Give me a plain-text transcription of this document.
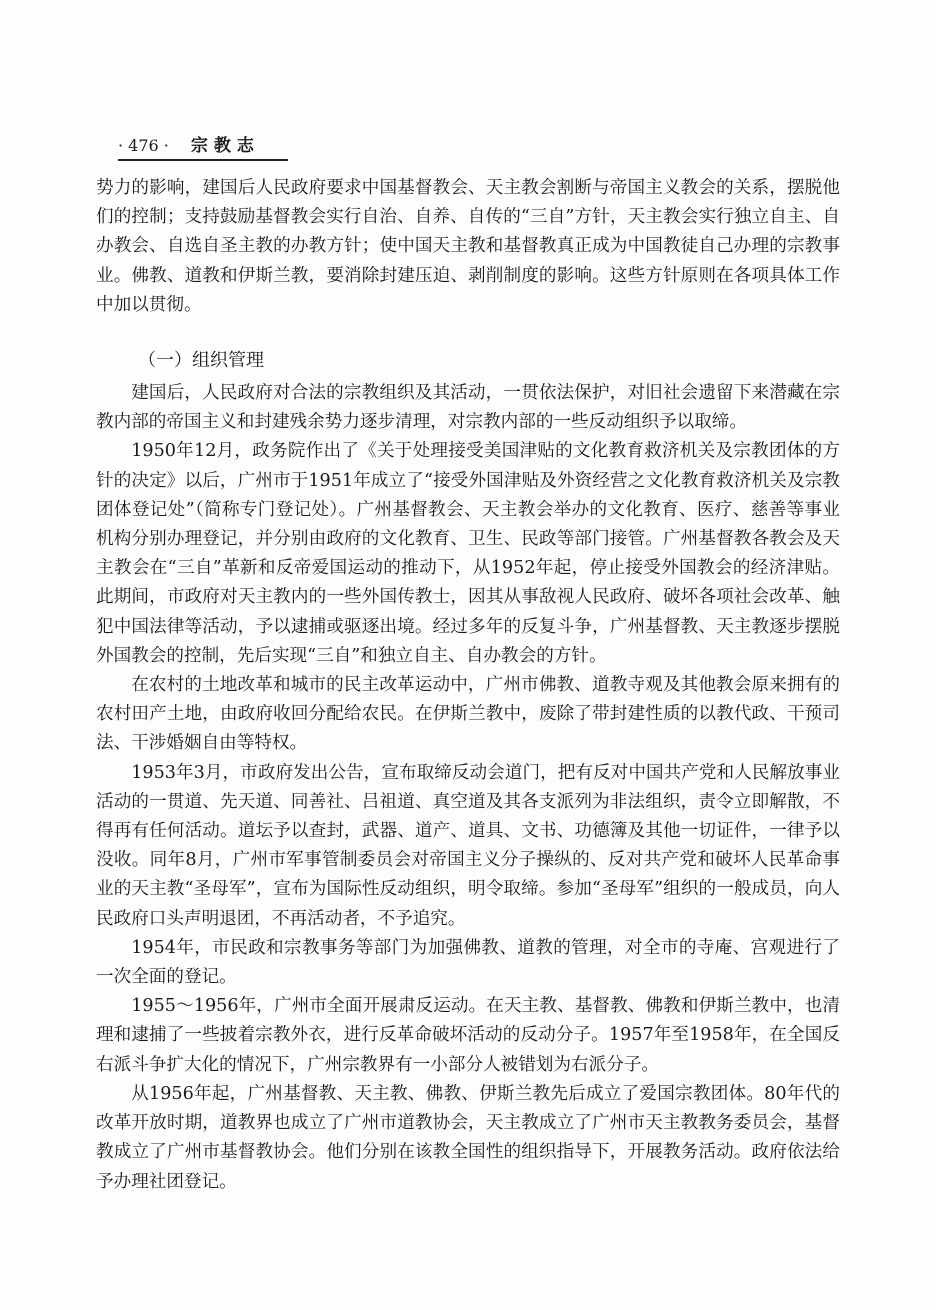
· 476 · 宗教志

势力的影响，建国后人民政府要求中国基督教会、天主教会割断与帝国主义教会的关系，摆脱他们的控制；支持鼓励基督教会实行自治、自养、自传的“三自”方针，天主教会实行独立自主、自办教会、自选自圣主教的办教方针；使中国天主教和基督教真正成为中国教徒自己办理的宗教事业。佛教、道教和伊斯兰教，要消除封建压迫、剥削制度的影响。这些方针原则在各项具体工作中加以贯彻。

（一）组织管理

建国后，人民政府对合法的宗教组织及其活动，一贯依法保护，对旧社会遗留下来潜藏在宗教内部的帝国主义和封建残余势力逐步清理，对宗教内部的一些反动组织予以取缔。

1950年12月，政务院作出了《关于处理接受美国津贴的文化教育救济机关及宗教团体的方针的决定》以后，广州市于1951年成立了“接受外国津贴及外资经营之文化教育救济机关及宗教团体登记处”（简称专门登记处）。广州基督教会、天主教会举办的文化教育、医疗、慈善等事业机构分别办理登记，并分别由政府的文化教育、卫生、民政等部门接管。广州基督教各教会及天主教会在“三自”革新和反帝爱国运动的推动下，从1952年起，停止接受外国教会的经济津贴。此期间，市政府对天主教内的一些外国传教士，因其从事敌视人民政府、破坏各项社会改革、触犯中国法律等活动，予以逮捕或驱逐出境。经过多年的反复斗争，广州基督教、天主教逐步摆脱外国教会的控制，先后实现“三自”和独立自主、自办教会的方针。

在农村的土地改革和城市的民主改革运动中，广州市佛教、道教寺观及其他教会原来拥有的农村田产土地，由政府收回分配给农民。在伊斯兰教中，废除了带封建性质的以教代政、干预司法、干涉婚姻自由等特权。

1953年3月，市政府发出公告，宣布取缔反动会道门，把有反对中国共产党和人民解放事业活动的一贯道、先天道、同善社、吕祖道、真空道及其各支派列为非法组织，责令立即解散，不得再有任何活动。道坛予以查封，武器、道产、道具、文书、功德簿及其他一切证件，一律予以没收。同年8月，广州市军事管制委员会对帝国主义分子操纵的、反对共产党和破坏人民革命事业的天主教“圣母军”，宣布为国际性反动组织，明令取缔。参加“圣母军”组织的一般成员，向人民政府口头声明退团，不再活动者，不予追究。

1954年，市民政和宗教事务等部门为加强佛教、道教的管理，对全市的寺庵、宫观进行了一次全面的登记。

1955～1956年，广州市全面开展肃反运动。在天主教、基督教、佛教和伊斯兰教中，也清理和逮捕了一些披着宗教外衣，进行反革命破坏活动的反动分子。1957年至1958年，在全国反右派斗争扩大化的情况下，广州宗教界有一小部分人被错划为右派分子。

从1956年起，广州基督教、天主教、佛教、伊斯兰教先后成立了爱国宗教团体。80年代的改革开放时期，道教界也成立了广州市道教协会，天主教成立了广州市天主教教务委员会，基督教成立了广州市基督教协会。他们分别在该教全国性的组织指导下，开展教务活动。政府依法给予办理社团登记。
